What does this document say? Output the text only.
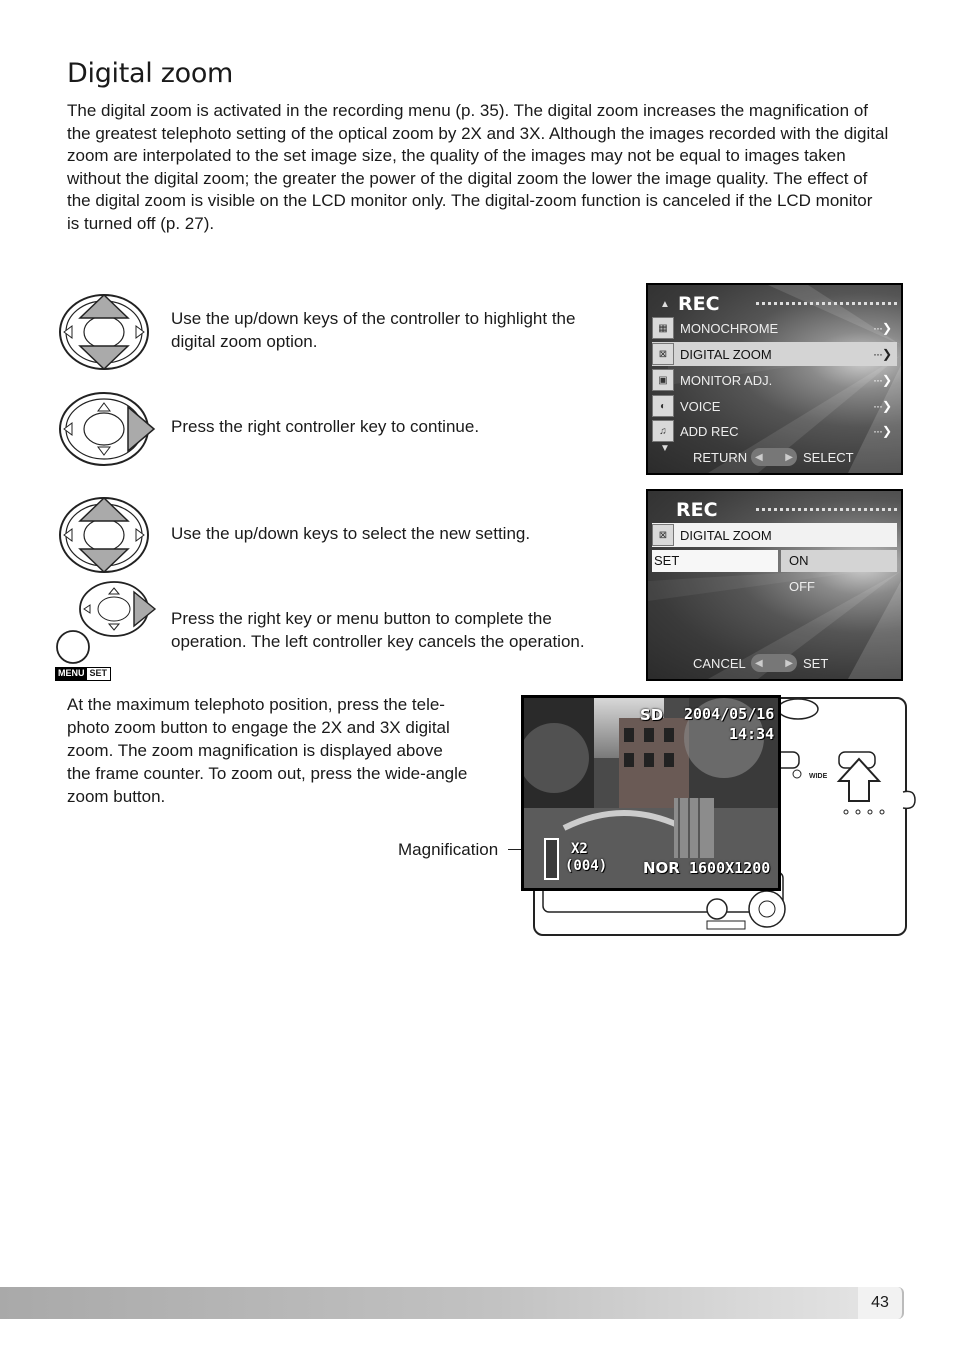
Digital zoom

The digital zoom is activated in the recording menu (p. 35). The digital zoom increases the magnification of the greatest telephoto setting of the optical zoom by 2X and 3X. Although the images recorded with the digital zoom are interpolated to the set image size, the quality of the images may not be equal to images taken without the digital zoom; the greater the power of the digital zoom the lower the image quality. The effect of the digital zoom is visible on the LCD monitor only. The digital-zoom function is canceled if the LCD monitor is turned off (p. 27).

Use the up/down keys of the controller to highlight the digital zoom option.
Press the right controller key to continue.
Use the up/down keys to select the new setting.
MENU SET
Press the right key or menu button to complete the operation. The left controller key cancels the operation.
▲ REC
▦ MONOCHROME	···❯
⊠ DIGITAL ZOOM	···❯
▣ MONITOR ADJ.	···❯
◐	VOICE	···❯
♫	ADD REC	···❯
▼
RETURN ◀ ▶ SELECT
REC
⊠ DIGITAL ZOOM
SET	ON
OFF
CANCEL ◀ ▶ SET
At the maximum telephoto position, press the tele-
photo zoom button to engage the 2X and 3X digital
zoom. The zoom magnification is displayed above
the frame counter. To zoom out, press the wide-angle
zoom button.
Magnification
WIDE
SD 2004/05/16
14:34
X2
(004) NOR 1600X1200
43
